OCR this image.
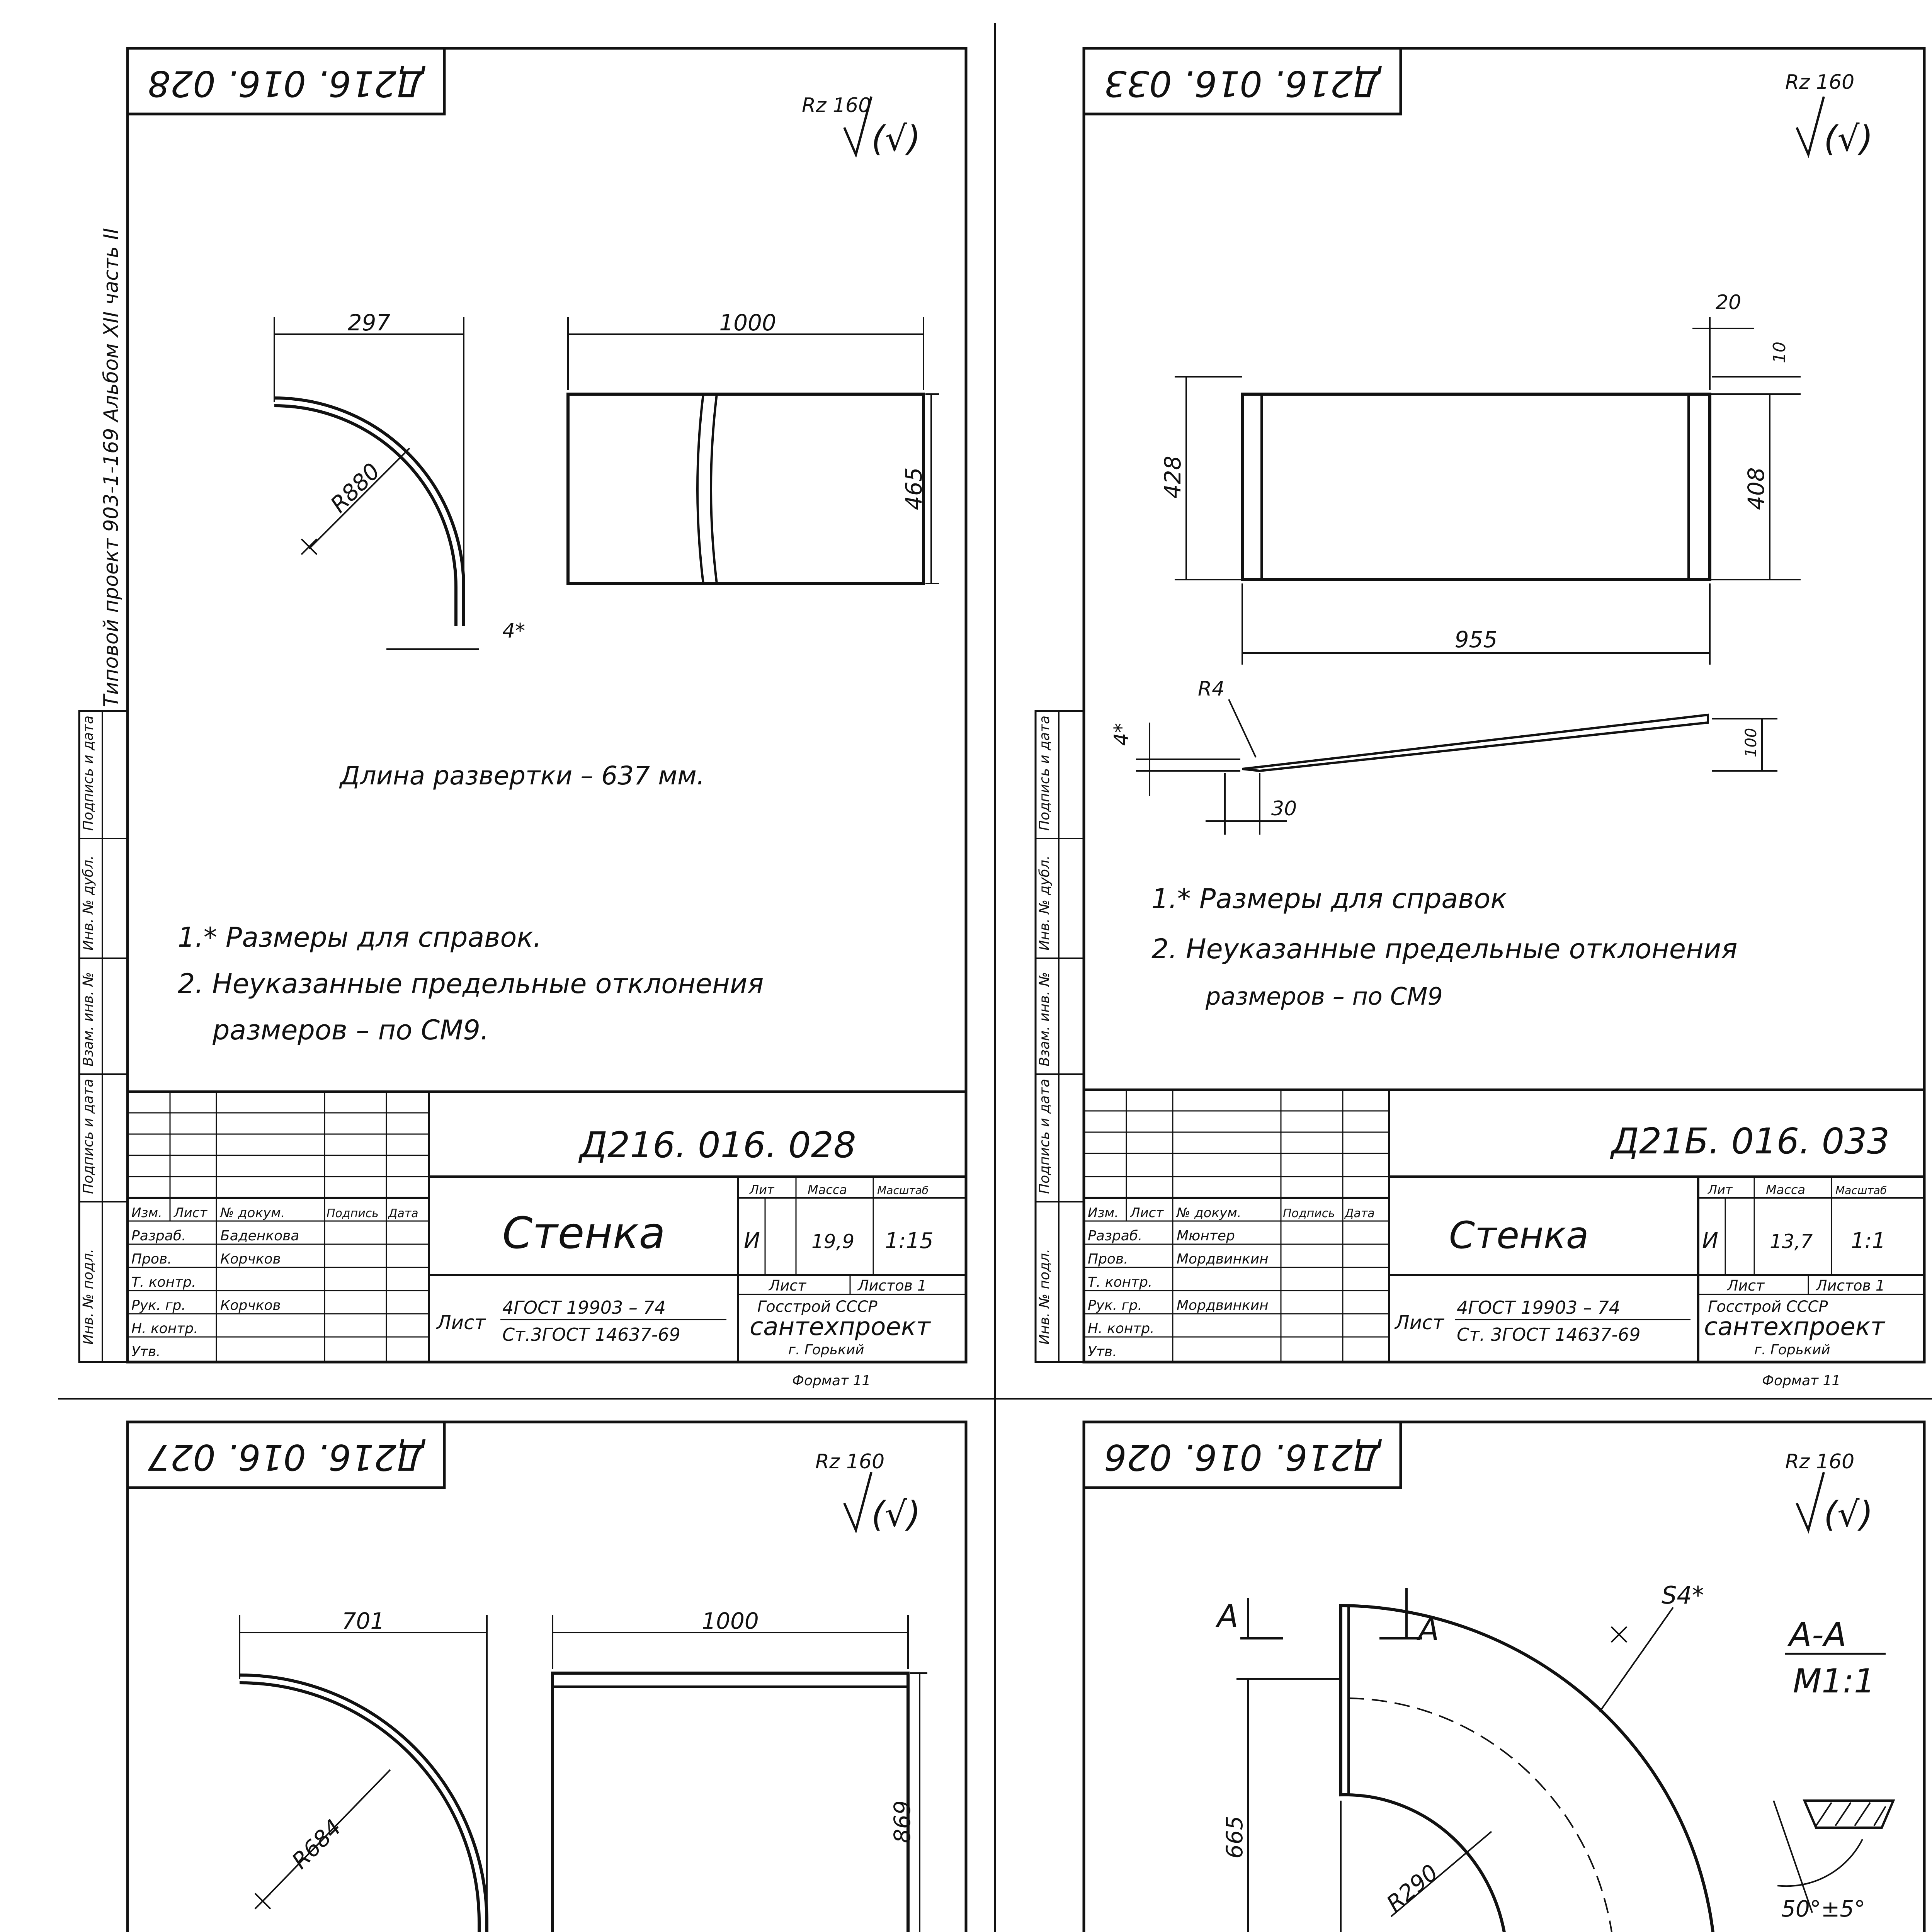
Типовой проект 903-1-169 Альбом XII часть II
Д216. 016. 028
Инв. № подл.
Подпись и дата
Взам. инв. №
Инв. № дубл.
Подпись и дата
Rz 160
(√)
297
R880
4*
1000
465
Длина развертки – 637 мм.
1.* Размеры для справок.
2. Неуказанные предельные отклонения
размеров – по СМ9.
Изм. Лист № докум.	Подпись Дата
Разраб. Баденкова
Пров.	Корчков
Т. контр.
Рук. гр. Корчков
Н. контр.
Утв.
Д216. 016. 028
Лит	Масса	Масштаб
И	19,9 1:15
Стенка
Лист	Листов 1
Лист
4ГОСТ 19903 – 74
Ст.3ГОСТ 14637-69
Госстрой СССР
сантехпроект
г. Горький
Формат 11
Д216. 016. 033
Инв. № подл.
Подпись и дата
Взам. инв. №
Инв. № дубл.
Подпись и дата
Rz 160
(√)
428	408
20
10
955
4*
R4
30
100
1.* Размеры для справок
2. Неуказанные предельные отклонения
размеров – по СМ9
Изм. Лист № докум.	Подпись Дата
Разраб. Мюнтер
Пров.	Мордвинкин
Т. контр.
Рук. гр. Мордвинкин
Н. контр.
Утв.
Д21Б. 016. 033
Лит	Масса	Масштаб
И	13,7 1:1
Стенка
Лист	Листов 1
Лист
4ГОСТ 19903 – 74
Ст. 3ГОСТ 14637-69
Госстрой СССР
сантехпроект
г. Горький
Формат 11
Д216. 016. 027	Rz 160
(√)
701
R684
1000
869
Д216. 016. 026	Rz 160
(√)
A	A
S4*
665
R290
A-A
M1:1
50°±5°
